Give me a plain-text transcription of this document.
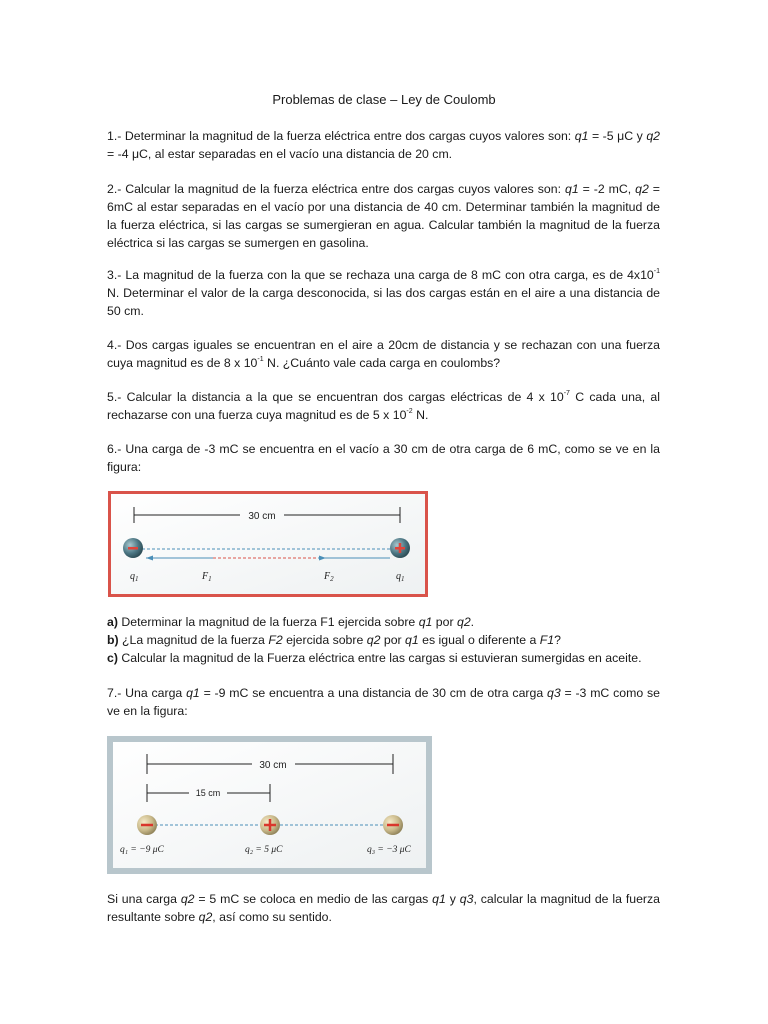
Problemas de clase – Ley de Coulomb
1.- Determinar la magnitud de la fuerza eléctrica entre dos cargas cuyos valores son: q1 = -5 μC y q2 = -4 μC, al estar separadas en el vacío una distancia de 20 cm.
2.- Calcular la magnitud de la fuerza eléctrica entre dos cargas cuyos valores son: q1 = -2 mC, q2 = 6mC al estar separadas en el vacío por una distancia de 40 cm. Determinar también la magnitud de la fuerza eléctrica, si las cargas se sumergieran en agua. Calcular también la magnitud de la fuerza eléctrica si las cargas se sumergen en gasolina.
3.- La magnitud de la fuerza con la que se rechaza una carga de 8 mC con otra carga, es de $4x10^{-1}$ N. Determinar el valor de la carga desconocida, si las dos cargas están en el aire a una distancia de 50 cm.
4.- Dos cargas iguales se encuentran en el aire a 20cm de distancia y se rechazan con una fuerza cuya magnitud es de 8 x $10^{-1}$ N. ¿Cuánto vale cada carga en coulombs?
5.- Calcular la distancia a la que se encuentran dos cargas eléctricas de 4 x $10^{-7}$ C cada una, al rechazarse con una fuerza cuya magnitud es de 5 x $10^{-2}$ N.
6.- Una carga de -3 mC se encuentra en el vacío a 30 cm de otra carga de 6 mC, como se ve en la figura:
30 cm
$q_1$	$F_1$	$F_2$	$q_1$
a) Determinar la magnitud de la fuerza F1 ejercida sobre q1 por q2.
b) ¿La magnitud de la fuerza F2 ejercida sobre q2 por q1 es igual o diferente a F1?
c) Calcular la magnitud de la Fuerza eléctrica entre las cargas si estuvieran sumergidas en aceite.
7.- Una carga q1 = -9 mC se encuentra a una distancia de 30 cm de otra carga q3 = -3 mC como se ve en la figura:
30 cm
15 cm
q₁ = −9 μC	q₂ = 5 μC	q₃ = −3 μC
Si una carga q2 = 5 mC se coloca en medio de las cargas q1 y q3, calcular la magnitud de la fuerza resultante sobre q2, así como su sentido.
